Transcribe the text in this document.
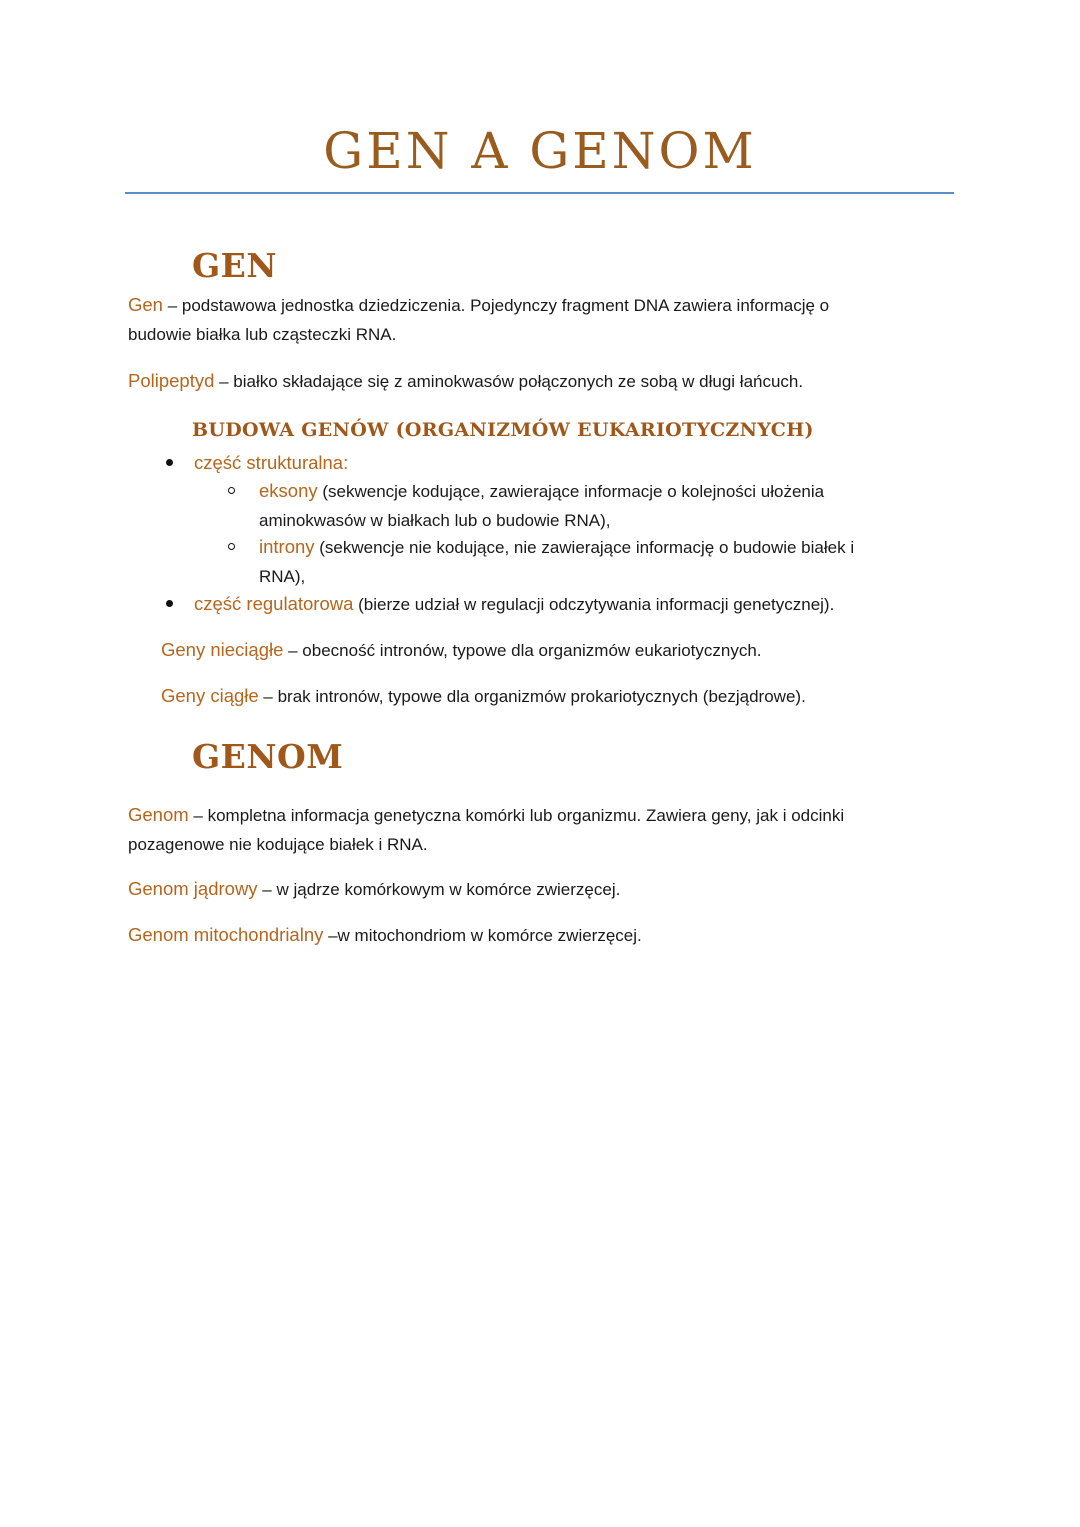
GEN A GENOM
GEN
Gen – podstawowa jednostka dziedziczenia. Pojedynczy fragment DNA zawiera informację o
budowie białka lub cząsteczki RNA.
Polipeptyd – białko składające się z aminokwasów połączonych ze sobą w długi łańcuch.
BUDOWA GENÓW (ORGANIZMÓW EUKARIOTYCZNYCH)
część strukturalna:
eksony (sekwencje kodujące, zawierające informacje o kolejności ułożenia
aminokwasów w białkach lub o budowie RNA),
introny (sekwencje nie kodujące, nie zawierające informację o budowie białek i
RNA),
część regulatorowa (bierze udział w regulacji odczytywania informacji genetycznej).
Geny nieciągłe – obecność intronów, typowe dla organizmów eukariotycznych.
Geny ciągłe – brak intronów, typowe dla organizmów prokariotycznych (bezjądrowe).
GENOM
Genom – kompletna informacja genetyczna komórki lub organizmu. Zawiera geny, jak i odcinki
pozagenowe nie kodujące białek i RNA.
Genom jądrowy – w jądrze komórkowym w komórce zwierzęcej.
Genom mitochondrialny –w mitochondriom w komórce zwierzęcej.
